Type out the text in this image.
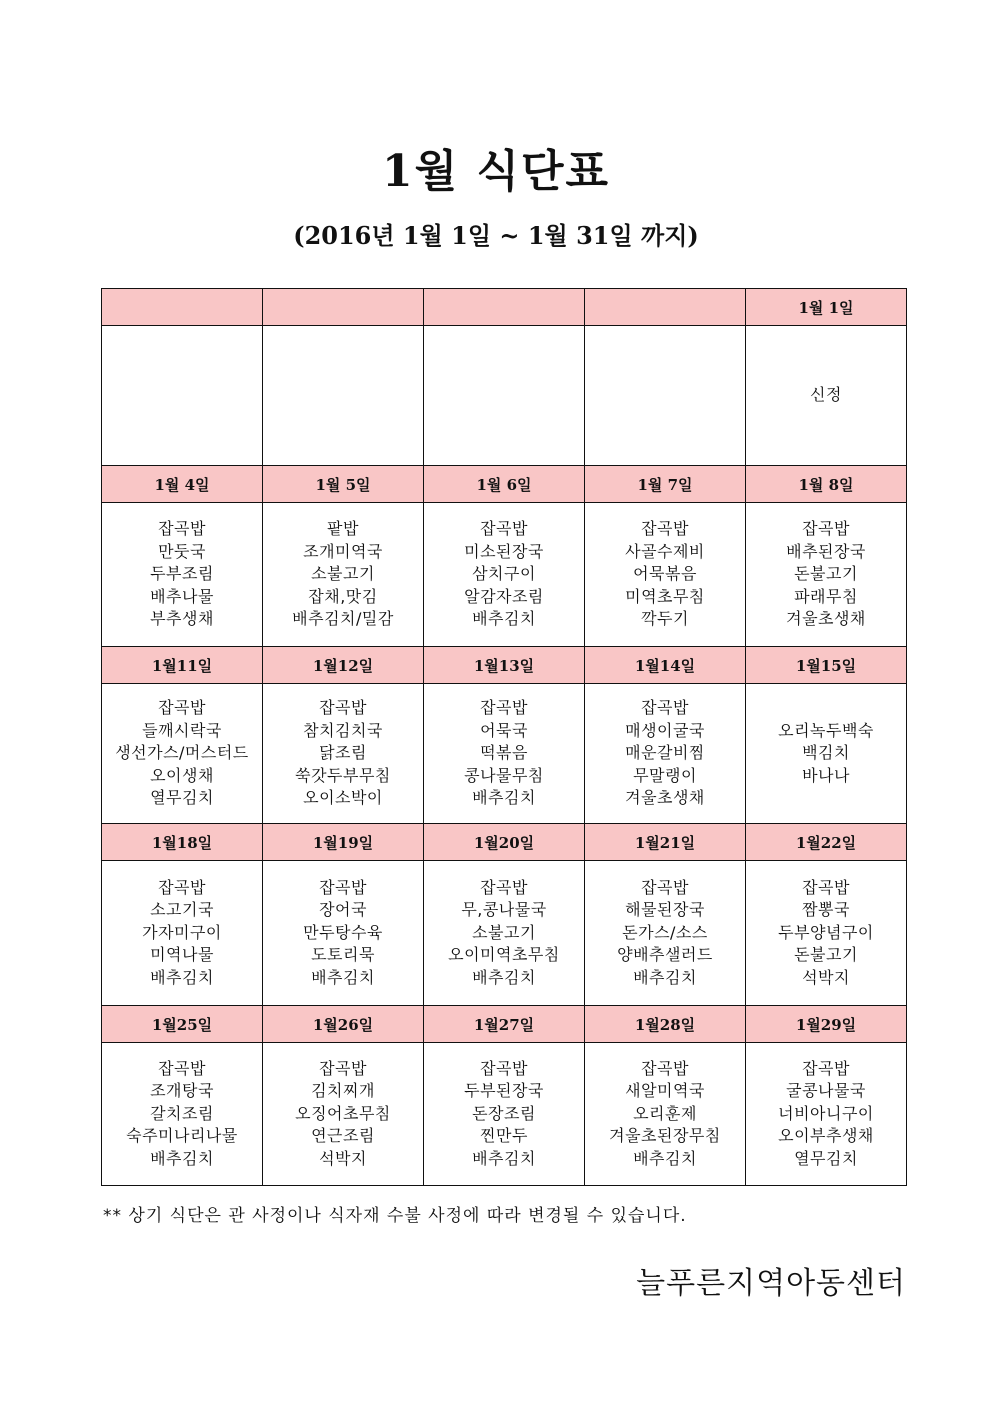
1월 식단표
(2016년 1월 1일 ~ 1월 31일 까지)
				1월 1일

				신정

1월 4일	1월 5일	1월 6일	1월 7일	1월 8일

잡곡밥
만둣국
두부조림
배추나물
부추생채	팥밥
조개미역국
소불고기
잡채,맛김
배추김치/밀감	잡곡밥
미소된장국
삼치구이
알감자조림
배추김치	잡곡밥
사골수제비
어묵볶음
미역초무침
깍두기	잡곡밥
배추된장국
돈불고기
파래무침
겨울초생채

1월11일	1월12일	1월13일	1월14일	1월15일

잡곡밥
들깨시락국
생선가스/머스터드
오이생채
열무김치	잡곡밥
참치김치국
닭조림
쑥갓두부무침
오이소박이	잡곡밥
어묵국
떡볶음
콩나물무침
배추김치	잡곡밥
매생이굴국
매운갈비찜
무말랭이
겨울초생채	오리녹두백숙
백김치
바나나

1월18일	1월19일	1월20일	1월21일	1월22일

잡곡밥
소고기국
가자미구이
미역나물
배추김치	잡곡밥
장어국
만두탕수육
도토리묵
배추김치	잡곡밥
무,콩나물국
소불고기
오이미역초무침
배추김치	잡곡밥
해물된장국
돈가스/소스
양배추샐러드
배추김치	잡곡밥
짬뽕국
두부양념구이
돈불고기
석박지

1월25일	1월26일	1월27일	1월28일	1월29일

잡곡밥
조개탕국
갈치조림
숙주미나리나물
배추김치	잡곡밥
김치찌개
오징어초무침
연근조림
석박지	잡곡밥
두부된장국
돈장조림
찐만두
배추김치	잡곡밥
새알미역국
오리훈제
겨울초된장무침
배추김치	잡곡밥
굴콩나물국
너비아니구이
오이부추생채
열무김치
** 상기 식단은 관 사정이나 식자재 수불 사정에 따라 변경될 수 있습니다.
늘푸른지역아동센터
